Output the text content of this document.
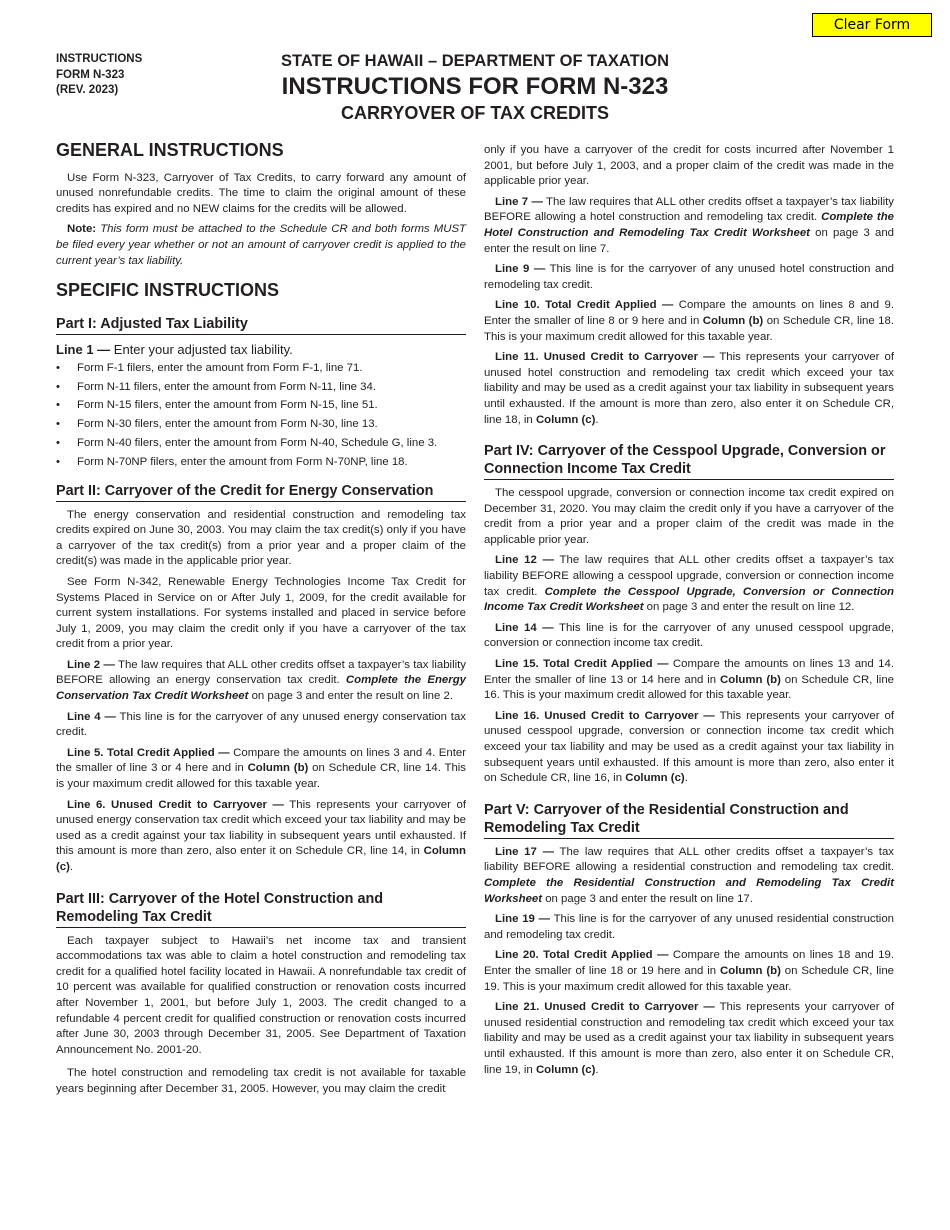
Clear Form
INSTRUCTIONS
FORM N-323
(REV. 2023)
STATE OF HAWAII – DEPARTMENT OF TAXATION
INSTRUCTIONS FOR FORM N-323
CARRYOVER OF TAX CREDITS
GENERAL INSTRUCTIONS

Use Form N-323, Carryover of Tax Credits, to carry forward any amount of unused nonrefundable credits. The time to claim the original amount of these credits has expired and no NEW claims for the credits will be allowed.

Note: This form must be attached to the Schedule CR and both forms MUST be filed every year whether or not an amount of carryover credit is applied to the current year’s tax liability.

SPECIFIC INSTRUCTIONS
Part I: Adjusted Tax Liability
Line 1 — Enter your adjusted tax liability.
• Form F-1 filers, enter the amount from Form F-1, line 71.
• Form N-11 filers, enter the amount from Form N-11, line 34.
• Form N-15 filers, enter the amount from Form N-15, line 51.
• Form N-30 filers, enter the amount from Form N-30, line 13.
• Form N-40 filers, enter the amount from Form N-40, Schedule G, line 3.
• Form N-70NP filers, enter the amount from Form N-70NP, line 18.
Part II: Carryover of the Credit for Energy Conservation

The energy conservation and residential construction and remodeling tax credits expired on June 30, 2003. You may claim the tax credit(s) only if you have a carryover of the tax credit(s) from a prior year and a proper claim of the credit(s) was made in the applicable prior year.

See Form N-342, Renewable Energy Technologies Income Tax Credit for Systems Placed in Service on or After July 1, 2009, for the credit available for current system installations. For systems installed and placed in service before July 1, 2009, you may claim the credit only if you have a carryover of the tax credit from a prior year.

Line 2 — The law requires that ALL other credits offset a taxpayer’s tax liability BEFORE allowing an energy conservation tax credit. Complete the Energy Conservation Tax Credit Worksheet on page 3 and enter the result on line 2.

Line 4 — This line is for the carryover of any unused energy conservation tax credit.

Line 5. Total Credit Applied — Compare the amounts on lines 3 and 4. Enter the smaller of line 3 or 4 here and in Column (b) on Schedule CR, line 14. This is your maximum credit allowed for this taxable year.

Line 6. Unused Credit to Carryover — This represents your carryover of unused energy conservation tax credit which exceed your tax liability and may be used as a credit against your tax liability in subsequent years until exhausted. If this amount is more than zero, also enter it on Schedule CR, line 14, in Column (c).

Part III: Carryover of the Hotel Construction and Remodeling Tax Credit

Each taxpayer subject to Hawaii’s net income tax and transient accommodations tax was able to claim a hotel construction and remodeling tax credit for a qualified hotel facility located in Hawaii. A nonrefundable tax credit of 10 percent was available for qualified construction or renovation costs incurred after November 1, 2001, but before July 1, 2003. The credit changed to a refundable 4 percent credit for qualified construction or renovation costs incurred after June 30, 2003 through December 31, 2005. See Department of Taxation Announcement No. 2001-20.

The hotel construction and remodeling tax credit is not available for taxable years beginning after December 31, 2005. However, you may claim the credit

only if you have a carryover of the credit for costs incurred after November 1 2001, but before July 1, 2003, and a proper claim of the credit was made in the applicable prior year.

Line 7 — The law requires that ALL other credits offset a taxpayer’s tax liability BEFORE allowing a hotel construction and remodeling tax credit. Complete the Hotel Construction and Remodeling Tax Credit Worksheet on page 3 and enter the result on line 7.

Line 9 — This line is for the carryover of any unused hotel construction and remodeling tax credit.

Line 10. Total Credit Applied — Compare the amounts on lines 8 and 9. Enter the smaller of line 8 or 9 here and in Column (b) on Schedule CR, line 18. This is your maximum credit allowed for this taxable year.

Line 11. Unused Credit to Carryover — This represents your carryover of unused hotel construction and remodeling tax credit which exceed your tax liability and may be used as a credit against your tax liability in subsequent years until exhausted. If the amount is more than zero, also enter it on Schedule CR, line 18, in Column (c).

Part IV: Carryover of the Cesspool Upgrade, Conversion or Connection Income Tax Credit

The cesspool upgrade, conversion or connection income tax credit expired on December 31, 2020. You may claim the credit only if you have a carryover of the credit from a prior year and a proper claim of the credit was made in the applicable prior year.

Line 12 — The law requires that ALL other credits offset a taxpayer’s tax liability BEFORE allowing a cesspool upgrade, conversion or connection income tax credit. Complete the Cesspool Upgrade, Conversion or Connection Income Tax Credit Worksheet on page 3 and enter the result on line 12.

Line 14 — This line is for the carryover of any unused cesspool upgrade, conversion or connection income tax credit.

Line 15. Total Credit Applied — Compare the amounts on lines 13 and 14. Enter the smaller of line 13 or 14 here and in Column (b) on Schedule CR, line 16. This is your maximum credit allowed for this taxable year.

Line 16. Unused Credit to Carryover — This represents your carryover of unused cesspool upgrade, conversion or connection income tax credit which exceed your tax liability and may be used as a credit against your tax liability in subsequent years until exhausted. If this amount is more than zero, also enter it on Schedule CR, line 16, in Column (c).

Part V: Carryover of the Residential Construction and Remodeling Tax Credit

Line 17 — The law requires that ALL other credits offset a taxpayer’s tax liability BEFORE allowing a residential construction and remodeling tax credit. Complete the Residential Construction and Remodeling Tax Credit Worksheet on page 3 and enter the result on line 17.

Line 19 — This line is for the carryover of any unused residential construction and remodeling tax credit.

Line 20. Total Credit Applied — Compare the amounts on lines 18 and 19. Enter the smaller of line 18 or 19 here and in Column (b) on Schedule CR, line 19. This is your maximum credit allowed for this taxable year.

Line 21. Unused Credit to Carryover — This represents your carryover of unused residential construction and remodeling tax credit which exceed your tax liability and may be used as a credit against your tax liability in subsequent years until exhausted. If this amount is more than zero, also enter it on Schedule CR, line 19, in Column (c).
